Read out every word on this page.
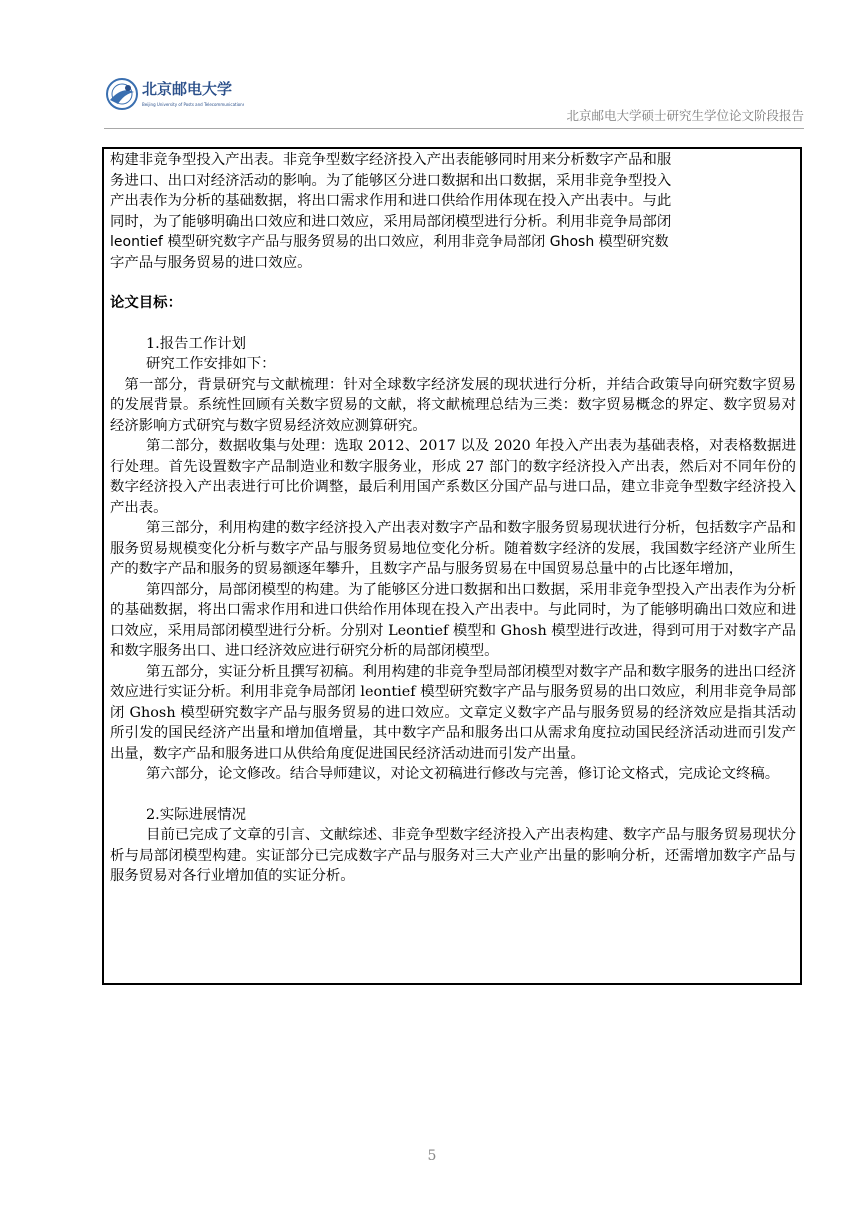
北京邮电大学
Beijing University of Posts and Telecommunications
北京邮电大学硕士研究生学位论文阶段报告

构建非竞争型投入产出表。非竞争型数字经济投入产出表能够同时用来分析数字产品和服

务进口、出口对经济活动的影响。为了能够区分进口数据和出口数据，采用非竞争型投入

产出表作为分析的基础数据，将出口需求作用和进口供给作用体现在投入产出表中。与此

同时，为了能够明确出口效应和进口效应，采用局部闭模型进行分析。利用非竞争局部闭

leontief 模型研究数字产品与服务贸易的出口效应，利用非竞争局部闭 Ghosh 模型研究数

字产品与服务贸易的进口效应。

论文目标：

1.报告工作计划

研究工作安排如下：

第一部分，背景研究与文献梳理：针对全球数字经济发展的现状进行分析，并结合政策导向研究数字贸易的发展背景。系统性回顾有关数字贸易的文献，将文献梳理总结为三类：数字贸易概念的界定、数字贸易对经济影响方式研究与数字贸易经济效应测算研究。

第二部分，数据收集与处理：选取 2012、2017 以及 2020 年投入产出表为基础表格，对表格数据进行处理。首先设置数字产品制造业和数字服务业，形成 27 部门的数字经济投入产出表，然后对不同年份的数字经济投入产出表进行可比价调整，最后利用国产系数区分国产品与进口品，建立非竞争型数字经济投入产出表。

第三部分，利用构建的数字经济投入产出表对数字产品和数字服务贸易现状进行分析，包括数字产品和服务贸易规模变化分析与数字产品与服务贸易地位变化分析。随着数字经济的发展，我国数字经济产业所生产的数字产品和服务的贸易额逐年攀升，且数字产品与服务贸易在中国贸易总量中的占比逐年增加，

第四部分，局部闭模型的构建。为了能够区分进口数据和出口数据，采用非竞争型投入产出表作为分析的基础数据，将出口需求作用和进口供给作用体现在投入产出表中。与此同时，为了能够明确出口效应和进口效应，采用局部闭模型进行分析。分别对 Leontief 模型和 Ghosh 模型进行改进，得到可用于对数字产品和数字服务出口、进口经济效应进行研究分析的局部闭模型。

第五部分，实证分析且撰写初稿。利用构建的非竞争型局部闭模型对数字产品和数字服务的进出口经济效应进行实证分析。利用非竞争局部闭 leontief 模型研究数字产品与服务贸易的出口效应，利用非竞争局部闭 Ghosh 模型研究数字产品与服务贸易的进口效应。文章定义数字产品与服务贸易的经济效应是指其活动所引发的国民经济产出量和增加值增量，其中数字产品和服务出口从需求角度拉动国民经济活动进而引发产出量，数字产品和服务进口从供给角度促进国民经济活动进而引发产出量。

第六部分，论文修改。结合导师建议，对论文初稿进行修改与完善，修订论文格式，完成论文终稿。

2.实际进展情况

目前已完成了文章的引言、文献综述、非竞争型数字经济投入产出表构建、数字产品与服务贸易现状分析与局部闭模型构建。实证部分已完成数字产品与服务对三大产业产出量的影响分析，还需增加数字产品与服务贸易对各行业增加值的实证分析。

5
